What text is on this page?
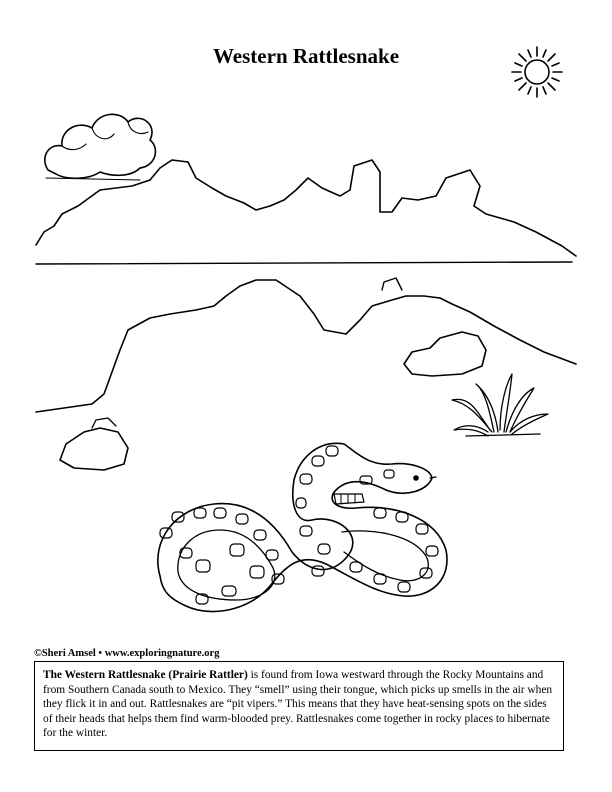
Western Rattlesnake
©Sheri Amsel • www.exploringnature.org
The Western Rattlesnake (Prairie Rattler) is found from Iowa westward through the Rocky Mountains and from Southern Canada south to Mexico. They “smell” using their tongue, which picks up smells in the air when they flick it in and out. Rattlesnakes are “pit vipers.” This means that they have heat-sensing spots on the sides of their heads that helps them find warm-blooded prey. Rattlesnakes come together in rocky places to hibernate for the winter.
